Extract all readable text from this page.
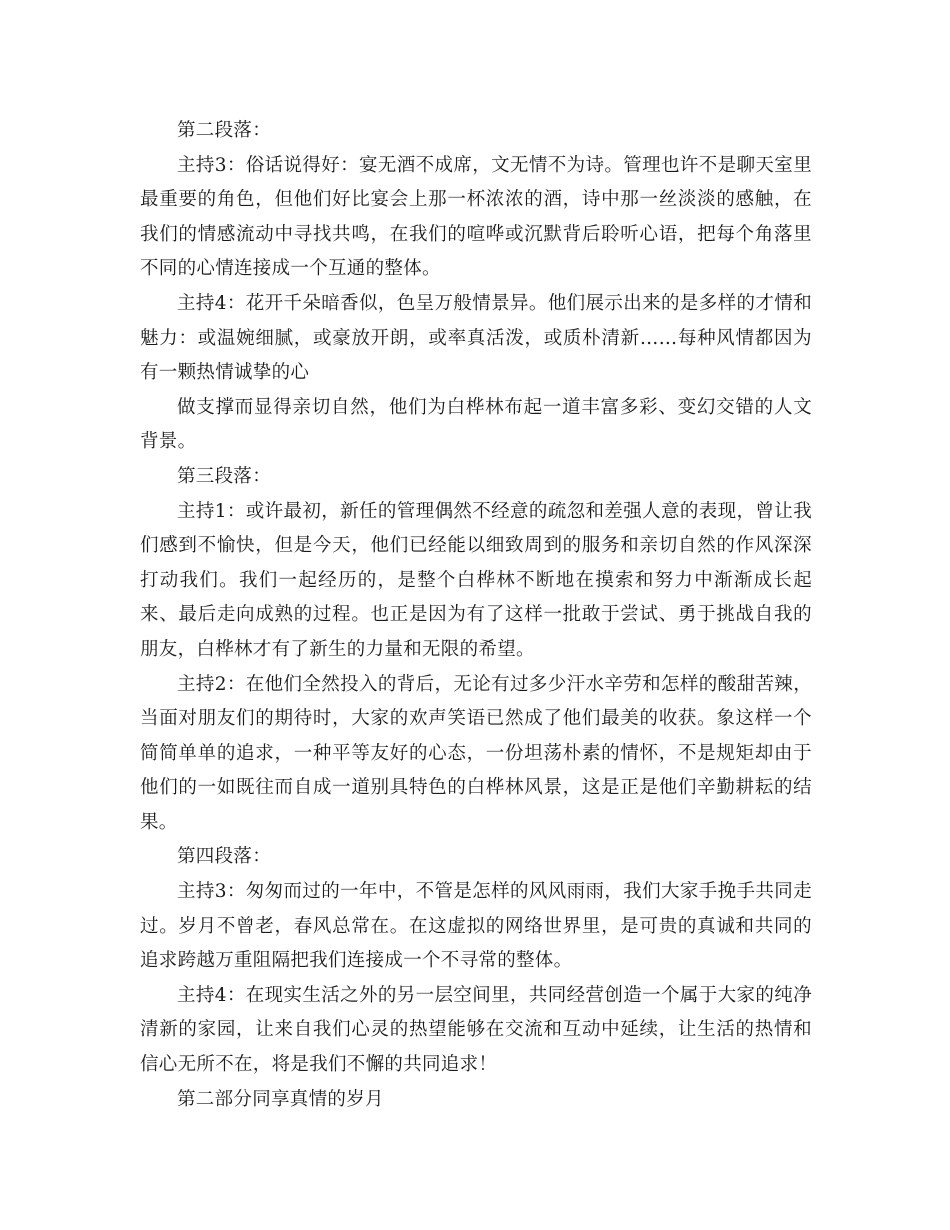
第二段落：

主持3：俗话说得好：宴无酒不成席，文无情不为诗。管理也许不是聊天室里最重要的角色，但他们好比宴会上那一杯浓浓的酒，诗中那一丝淡淡的感触，在我们的情感流动中寻找共鸣，在我们的喧哗或沉默背后聆听心语，把每个角落里不同的心情连接成一个互通的整体。

主持4：花开千朵暗香似，色呈万般情景异。他们展示出来的是多样的才情和魅力：或温婉细腻，或豪放开朗，或率真活泼，或质朴清新……每种风情都因为有一颗热情诚挚的心

做支撑而显得亲切自然，他们为白桦林布起一道丰富多彩、变幻交错的人文背景。

第三段落：

主持1：或许最初，新任的管理偶然不经意的疏忽和差强人意的表现，曾让我们感到不愉快，但是今天，他们已经能以细致周到的服务和亲切自然的作风深深打动我们。我们一起经历的，是整个白桦林不断地在摸索和努力中渐渐成长起来、最后走向成熟的过程。也正是因为有了这样一批敢于尝试、勇于挑战自我的朋友，白桦林才有了新生的力量和无限的希望。

主持2：在他们全然投入的背后，无论有过多少汗水辛劳和怎样的酸甜苦辣，当面对朋友们的期待时，大家的欢声笑语已然成了他们最美的收获。象这样一个简简单单的追求，一种平等友好的心态，一份坦荡朴素的情怀，不是规矩却由于他们的一如既往而自成一道别具特色的白桦林风景，这是正是他们辛勤耕耘的结果。

第四段落：

主持3：匆匆而过的一年中，不管是怎样的风风雨雨，我们大家手挽手共同走过。岁月不曾老，春风总常在。在这虚拟的网络世界里，是可贵的真诚和共同的追求跨越万重阻隔把我们连接成一个不寻常的整体。

主持4：在现实生活之外的另一层空间里，共同经营创造一个属于大家的纯净清新的家园，让来自我们心灵的热望能够在交流和互动中延续，让生活的热情和信心无所不在，将是我们不懈的共同追求！

第二部分同享真情的岁月
